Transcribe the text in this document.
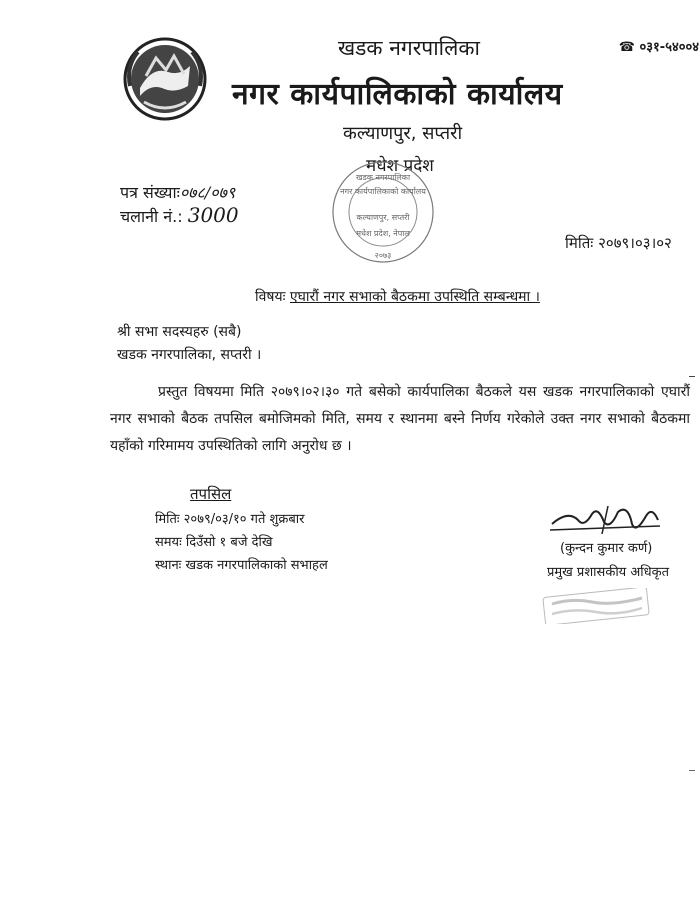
☎ ०३१-५४००४
खडक नगरपालिका
नगर कार्यपालिकाको कार्यालय
कल्याणपुर, सप्तरी
मधेश प्रदेश
खडक नगरपालिका
नगर कार्यपालिकाको कार्यालय
कल्याणपुर, सप्तरी
मधेश प्रदेश, नेपाल
२०७३
पत्र संख्याः०७८/०७९
चलानी नं.: 3000
मितिः २०७९।०३।०२
विषयः एघारौं नगर सभाको बैठकमा उपस्थिति सम्बन्धमा ।
श्री सभा सदस्यहरु (सबै)
खडक नगरपालिका, सप्तरी ।
प्रस्तुत विषयमा मिति २०७९।०२।३० गते बसेको कार्यपालिका बैठकले यस खडक नगरपालिकाको एघारौं नगर सभाको बैठक तपसिल बमोजिमको मिति, समय र स्थानमा बस्ने निर्णय गरेकोले उक्त नगर सभाको बैठकमा यहाँको गरिमामय उपस्थितिको लागि अनुरोध छ ।
तपसिल
मितिः २०७९/०३/१० गते शुक्रबार
समयः दिउँसो १ बजे देखि
स्थानः खडक नगरपालिकाको सभाहल
(कुन्दन कुमार कर्ण)
प्रमुख प्रशासकीय अधिकृत
